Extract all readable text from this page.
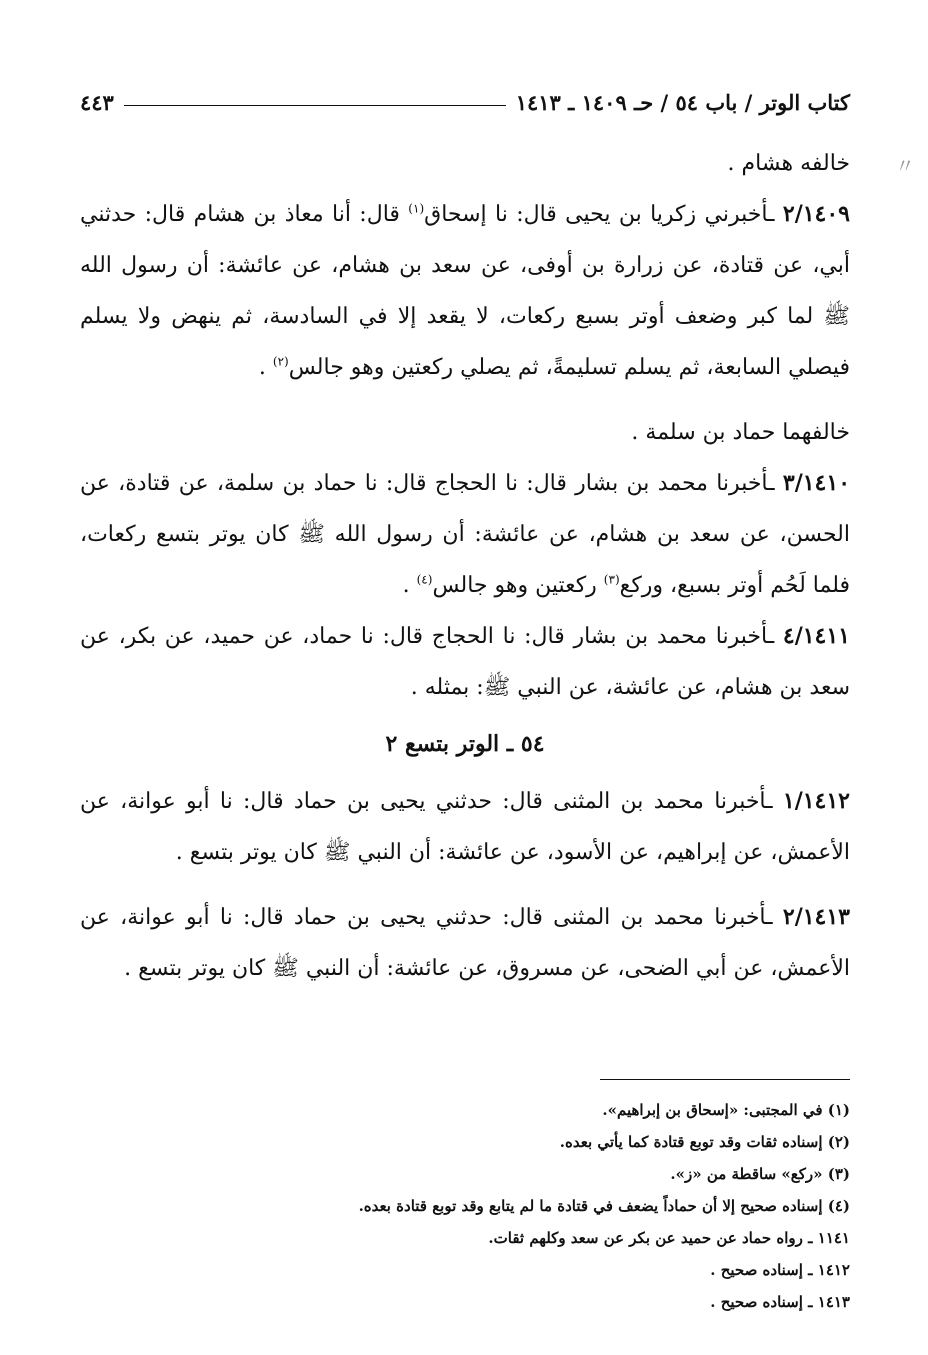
كتاب الوتر / باب ٥٤ / حـ ١٤٠٩ ـ ١٤١٣
٤٤٣

خالفه هشام .

٢/١٤٠٩ ـأخبرني زكريا بن يحيى قال: نا إسحاق$^{(١)}$ قال: أنا معاذ بن هشام قال: حدثني أبي، عن قتادة، عن زرارة بن أوفى، عن سعد بن هشام، عن عائشة: أن رسول الله ﷺ لما كبر وضعف أوتر بسبع ركعات، لا يقعد إلا في السادسة، ثم ينهض ولا يسلم فيصلي السابعة، ثم يسلم تسليمةً، ثم يصلي ركعتين وهو جالس$^{(٢)}$ .

خالفهما حماد بن سلمة .

٣/١٤١٠ ـأخبرنا محمد بن بشار قال: نا الحجاج قال: نا حماد بن سلمة، عن قتادة، عن الحسن، عن سعد بن هشام، عن عائشة: أن رسول الله ﷺ كان يوتر بتسع ركعات، فلما لَحُم أوتر بسبع، وركع$^{(٣)}$ ركعتين وهو جالس$^{(٤)}$ .

٤/١٤١١ ـأخبرنا محمد بن بشار قال: نا الحجاج قال: نا حماد، عن حميد، عن بكر، عن سعد بن هشام، عن عائشة، عن النبي ﷺ: بمثله .

٥٤ ـ الوتر بتسع ٢

١/١٤١٢ ـأخبرنا محمد بن المثنى قال: حدثني يحيى بن حماد قال: نا أبو عوانة، عن الأعمش، عن إبراهيم، عن الأسود، عن عائشة: أن النبي ﷺ كان يوتر بتسع .

٢/١٤١٣ ـأخبرنا محمد بن المثنى قال: حدثني يحيى بن حماد قال: نا أبو عوانة، عن الأعمش، عن أبي الضحى، عن مسروق، عن عائشة: أن النبي ﷺ كان يوتر بتسع .

(١) في المجتبى: «إسحاق بن إبراهيم».

(٢) إسناده ثقات وقد توبع قتادة كما يأتي بعده.

(٣) «ركع» ساقطة من «ز».

(٤) إسناده صحيح إلا أن حماداً يضعف في قتادة ما لم يتابع وقد توبع قتادة بعده.

١١٤١ ـ رواه حماد عن حميد عن بكر عن سعد وكلهم ثقات.

١٤١٢ ـ إسناده صحيح .

١٤١٣ ـ إسناده صحيح .

〃
